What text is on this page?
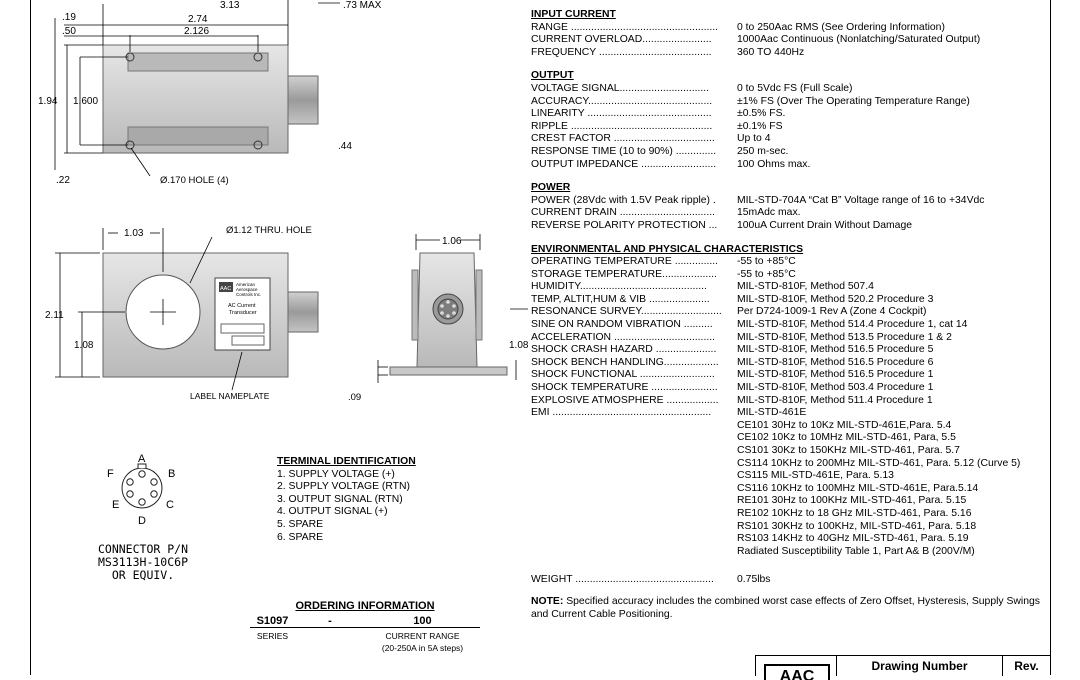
3.13	.73 MAX
.19	2.74
.50	2.126
1.94 1.600
.44
.22	Ø.170 HOLE (4)
AAC
American
Aerospace
Controls Inc.
AC Current
Transducer
1.03	Ø1.12 THRU. HOLE
2.11
1.08
LABEL NAMEPLATE	.09
1.06
1.08
A
B
C
D
E
F
CONNECTOR P/N
MS3113H-10C6P
OR EQUIV.
TERMINAL IDENTIFICATION
1. SUPPLY VOLTAGE (+)
2. SUPPLY VOLTAGE (RTN)
3. OUTPUT SIGNAL (RTN)
4. OUTPUT SIGNAL (+)
5. SPARE
6. SPARE
ORDERING INFORMATION
S1097	-	100
SERIES	CURRENT RANGE
(20-250A in 5A steps)
INPUT CURRENT
RANGE ...................................................	0 to 250Aac RMS (See Ordering Information)
CURRENT OVERLOAD........................	1000Aac Continuous (Nonlatching/Saturated Output)
FREQUENCY .......................................	360 TO 440Hz
OUTPUT
VOLTAGE SIGNAL...............................	0 to 5Vdc FS (Full Scale)
ACCURACY...........................................	±1% FS (Over The Operating Temperature Range)
LINEARITY ...........................................	±0.5% FS.
RIPPLE .................................................	±0.1% FS
CREST FACTOR ...................................	Up to 4
RESPONSE TIME (10 to 90%) ..............	250 m-sec.
OUTPUT IMPEDANCE ..........................	100 Ohms max.
POWER
POWER (28Vdc with 1.5V Peak ripple) .	MIL-STD-704A “Cat B” Voltage range of 16 to +34Vdc
CURRENT DRAIN .................................	15mAdc max.
REVERSE POLARITY PROTECTION ...	100uA Current Drain Without Damage
ENVIRONMENTAL AND PHYSICAL CHARACTERISTICS
OPERATING TEMPERATURE ...............	-55 to +85°C
STORAGE TEMPERATURE...................	-55 to +85°C
HUMIDITY............................................	MIL-STD-810F, Method 507.4
TEMP, ALTIT,HUM & VIB .....................	MIL-STD-810F, Method 520.2 Procedure 3
RESONANCE SURVEY............................	Per D724-1009-1 Rev A (Zone 4 Cockpit)
SINE ON RANDOM VIBRATION ..........	MIL-STD-810F, Method 514.4 Procedure 1, cat 14
ACCELERATION ...................................	MIL-STD-810F, Method 513.5 Procedure 1 & 2
SHOCK CRASH HAZARD .....................	MIL-STD-810F, Method 516.5 Procedure 5
SHOCK BENCH HANDLING...................	MIL-STD-810F, Method 516.5 Procedure 6
SHOCK FUNCTIONAL ..........................	MIL-STD-810F, Method 516.5 Procedure 1
SHOCK TEMPERATURE .......................	MIL-STD-810F, Method 503.4 Procedure 1
EXPLOSIVE ATMOSPHERE ..................	MIL-STD-810F, Method 511.4 Procedure 1
EMI .......................................................	MIL-STD-461E
CE101 30Hz to 10Kz MIL-STD-461E,Para. 5.4
CE102 10Kz to 10MHz MIL-STD-461, Para, 5.5
CS101 30Kz to 150KHz MIL-STD-461, Para. 5.7
CS114 10KHz to 200MHz MIL-STD-461, Para. 5.12 (Curve 5)
CS115 MIL-STD-461E, Para. 5.13
CS116 10KHz to 100MHz MIL-STD-461E, Para.5.14
RE101 30Hz to 100KHz MIL-STD-461, Para. 5.15
RE102 10KHz to 18 GHz MIL-STD-461, Para. 5.16
RS101 30KHz to 100KHz, MIL-STD-461, Para. 5.18
RS103 14KHz to 40GHz MIL-STD-461, Para. 5.19
Radiated Susceptibility Table 1, Part A& B (200V/M)
WEIGHT ................................................	0.75lbs
NOTE: Specified accuracy includes the combined worst case effects of Zero Offset, Hysteresis, Supply Swings and Current Cable Positioning.
AAC
Drawing Number	Rev.
